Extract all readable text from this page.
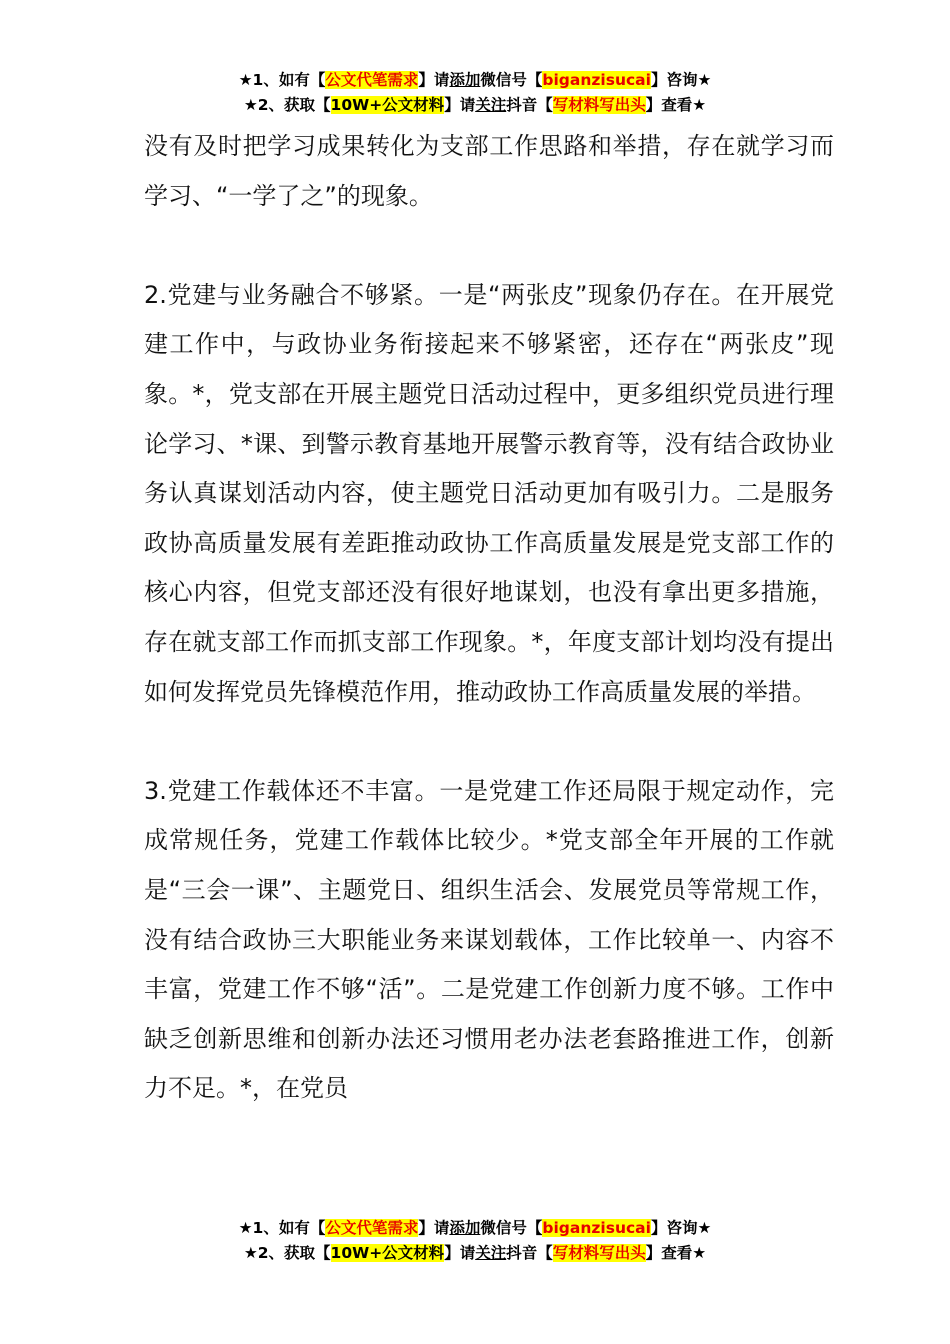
★1、如有【公文代笔需求】请添加微信号【biganzisucai】咨询★
★2、获取【10W+公文材料】请关注抖音【写材料写出头】查看★

没有及时把学习成果转化为支部工作思路和举措，存在就学习而学习、“一学了之”的现象。

2.党建与业务融合不够紧。一是“两张皮”现象仍存在。在开展党建工作中，与政协业务衔接起来不够紧密，还存在“两张皮”现象。*，党支部在开展主题党日活动过程中，更多组织党员进行理论学习、*课、到警示教育基地开展警示教育等，没有结合政协业务认真谋划活动内容，使主题党日活动更加有吸引力。二是服务政协高质量发展有差距推动政协工作高质量发展是党支部工作的核心内容，但党支部还没有很好地谋划，也没有拿出更多措施，存在就支部工作而抓支部工作现象。*，年度支部计划均没有提出如何发挥党员先锋模范作用，推动政协工作高质量发展的举措。

3.党建工作载体还不丰富。一是党建工作还局限于规定动作，完成常规任务，党建工作载体比较少。*党支部全年开展的工作就是“三会一课”、主题党日、组织生活会、发展党员等常规工作，没有结合政协三大职能业务来谋划载体，工作比较单一、内容不丰富，党建工作不够“活”。二是党建工作创新力度不够。工作中缺乏创新思维和创新办法还习惯用老办法老套路推进工作，创新力不足。*，在党员

★1、如有【公文代笔需求】请添加微信号【biganzisucai】咨询★
★2、获取【10W+公文材料】请关注抖音【写材料写出头】查看★
